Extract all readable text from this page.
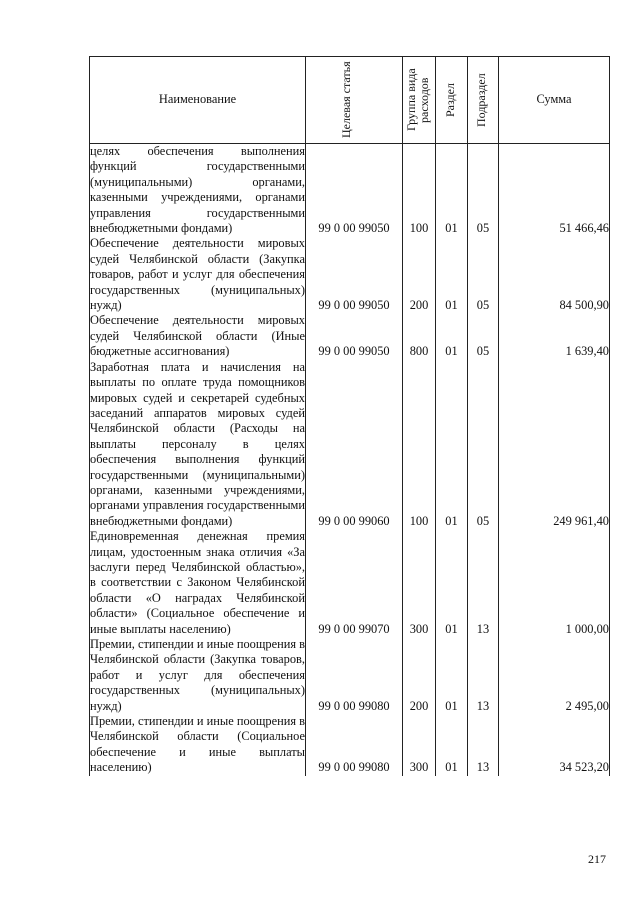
Наименование	Целевая статья	Группа вида расходов	Раздел	Подраздел	Сумма
целях обеспечения выполнения функций государственными (муниципальными) органами, казенными учреждениями, органами управления государственными внебюджетными фондами)	99 0 00 99050	100	01	05	51 466,46
Обеспечение деятельности мировых судей Челябинской области (Закупка товаров, работ и услуг для обеспечения государственных (муниципальных) нужд)	99 0 00 99050	200	01	05	84 500,90
Обеспечение деятельности мировых судей Челябинской области (Иные бюджетные ассигнования)	99 0 00 99050	800	01	05	1 639,40
Заработная плата и начисления на выплаты по оплате труда помощников мировых судей и секретарей судебных заседаний аппаратов мировых судей Челябинской области (Расходы на выплаты персоналу в целях обеспечения выполнения функций государственными (муниципальными) органами, казенными учреждениями, органами управления государственными внебюджетными фондами)	99 0 00 99060	100	01	05	249 961,40
Единовременная денежная премия лицам, удостоенным знака отличия «За заслуги перед Челябинской областью», в соответствии с Законом Челябинской области «О наградах Челябинской области» (Социальное обеспечение и иные выплаты населению)	99 0 00 99070	300	01	13	1 000,00
Премии, стипендии и иные поощрения в Челябинской области (Закупка товаров, работ и услуг для обеспечения государственных (муниципальных) нужд)	99 0 00 99080	200	01	13	2 495,00
Премии, стипендии и иные поощрения в Челябинской области (Социальное обеспечение и иные выплаты населению)	99 0 00 99080	300	01	13	34 523,20
217
